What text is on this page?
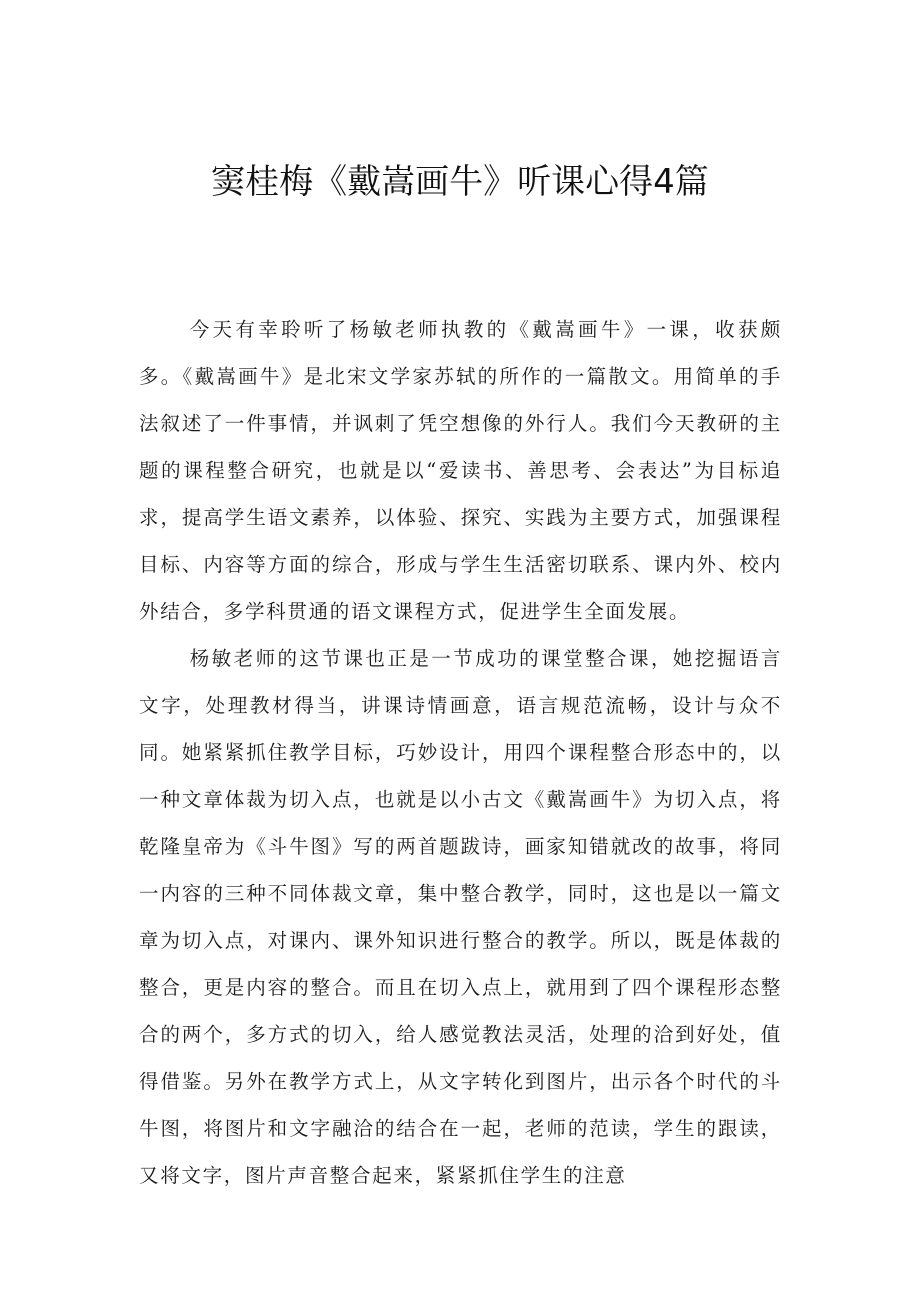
窦桂梅《戴嵩画牛》听课心得4篇

今天有幸聆听了杨敏老师执教的《戴嵩画牛》一课，收获颇多。《戴嵩画牛》是北宋文学家苏轼的所作的一篇散文。用简单的手法叙述了一件事情，并讽刺了凭空想像的外行人。我们今天教研的主题的课程整合研究，也就是以“爱读书、善思考、会表达”为目标追求，提高学生语文素养，以体验、探究、实践为主要方式，加强课程目标、内容等方面的综合，形成与学生生活密切联系、课内外、校内外结合，多学科贯通的语文课程方式，促进学生全面发展。

杨敏老师的这节课也正是一节成功的课堂整合课，她挖掘语言文字，处理教材得当，讲课诗情画意，语言规范流畅，设计与众不同。她紧紧抓住教学目标，巧妙设计，用四个课程整合形态中的，以一种文章体裁为切入点，也就是以小古文《戴嵩画牛》为切入点，将乾隆皇帝为《斗牛图》写的两首题跋诗，画家知错就改的故事，将同一内容的三种不同体裁文章，集中整合教学，同时，这也是以一篇文章为切入点，对课内、课外知识进行整合的教学。所以，既是体裁的整合，更是内容的整合。而且在切入点上，就用到了四个课程形态整合的两个，多方式的切入，给人感觉教法灵活，处理的洽到好处，值得借鉴。另外在教学方式上，从文字转化到图片，出示各个时代的斗牛图，将图片和文字融洽的结合在一起，老师的范读，学生的跟读，又将文字，图片声音整合起来，紧紧抓住学生的注意
